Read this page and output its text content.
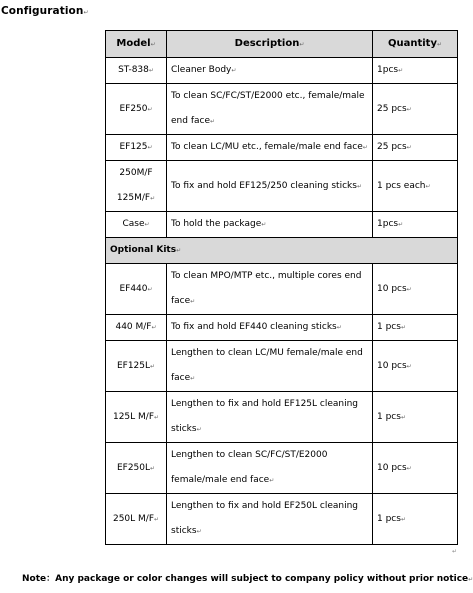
Configuration↵
Model↵	Description↵	Quantity↵
ST-838↵	Cleaner Body↵	1pcs↵
EF250↵	To clean SC/FC/ST/E2000 etc., female/male end face↵	25 pcs↵
EF125↵	To clean LC/MU etc., female/male end face↵	25 pcs↵
250M/F 125M/F↵	To fix and hold EF125/250 cleaning sticks↵	1 pcs each↵
Case↵	To hold the package↵	1pcs↵
Optional Kits↵		
EF440↵	To clean MPO/MTP etc., multiple cores end face↵	10 pcs↵
440 M/F↵	To fix and hold EF440 cleaning sticks↵	1 pcs↵
EF125L↵	Lengthen to clean LC/MU female/male end face↵	10 pcs↵
125L M/F↵	Lengthen to fix and hold EF125L cleaning sticks↵	1 pcs↵
EF250L↵	Lengthen to clean SC/FC/ST/E2000 female/male end face↵	10 pcs↵
250L M/F↵	Lengthen to fix and hold EF250L cleaning sticks↵	1 pcs↵
↵
Note：Any package or color changes will subject to company policy without prior notice↵
